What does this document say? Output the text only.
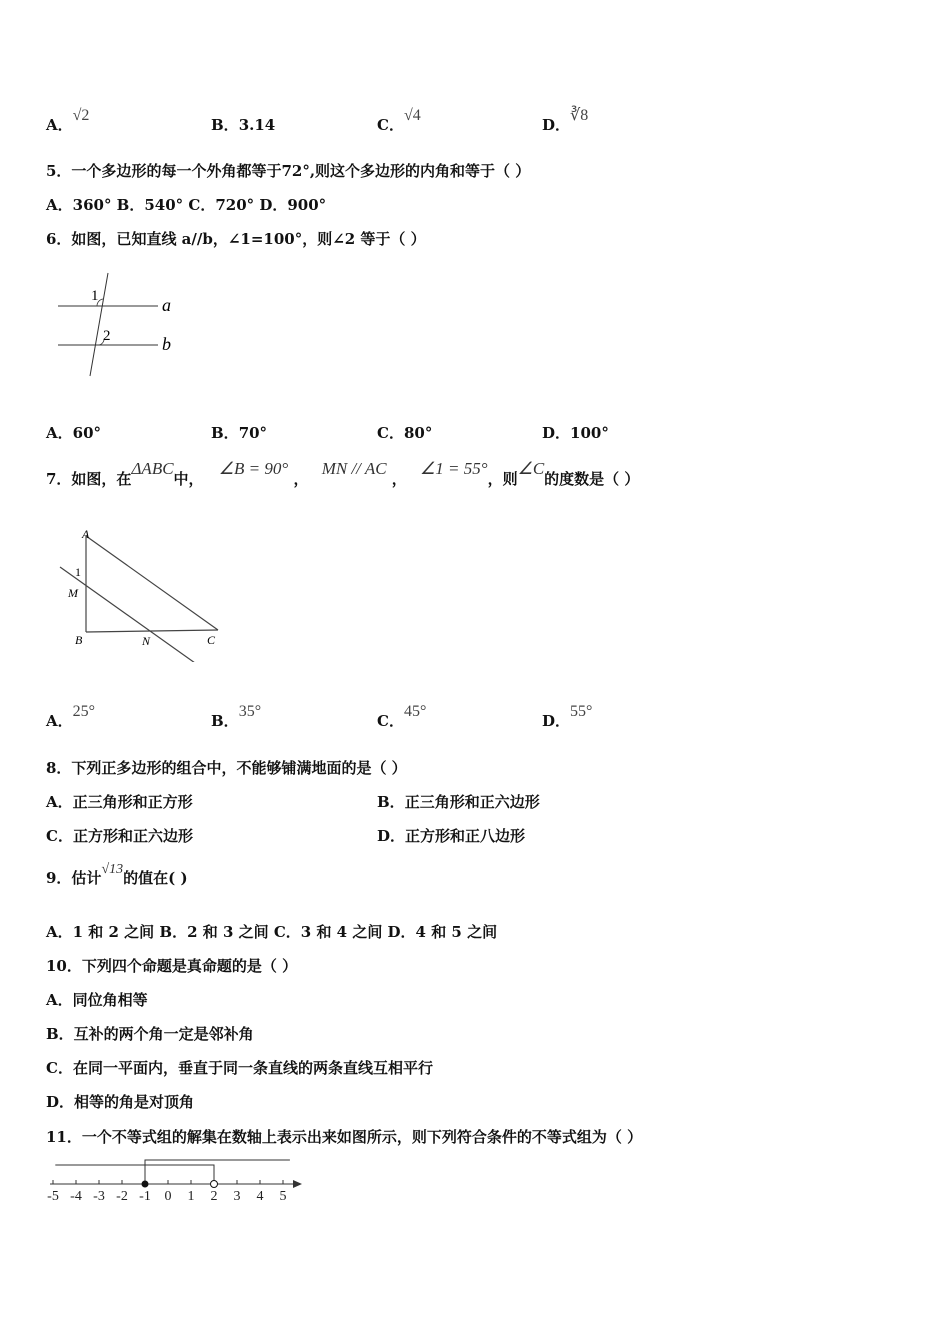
A．√2
B．3.14	C．√4
D．∛8
5．一个多边形的每一个外角都等于72°,则这个多边形的内角和等于（ ）
A．360° B．540° C．720° D．900°
6．如图，已知直线 a//b，∠1=100°，则∠2 等于（ ）
1
2
a
b
A．60°	B．70°	C．80°	D．100°
7．如图，在ΔABC中， ∠B = 90° ， MN // AC ， ∠1 = 55°，则∠C的度数是（ ）
A
1
M
B	N	C
A．25°
B．35°
C．45°
D．55°
8．下列正多边形的组合中，不能够铺满地面的是（ ）
A．正三角形和正方形	B．正三角形和正六边形
C．正方形和正六边形	D．正方形和正八边形
9．估计√13的值在( )
A．1 和 2 之间 B．2 和 3 之间 C．3 和 4 之间 D．4 和 5 之间
10．下列四个命题是真命题的是（ ）
A．同位角相等
B．互补的两个角一定是邻补角
C．在同一平面内，垂直于同一条直线的两条直线互相平行
D．相等的角是对顶角
11．一个不等式组的解集在数轴上表示出来如图所示，则下列符合条件的不等式组为（ ）
-5 -4 -3 -2 -1 0 1 2 3 4 5
